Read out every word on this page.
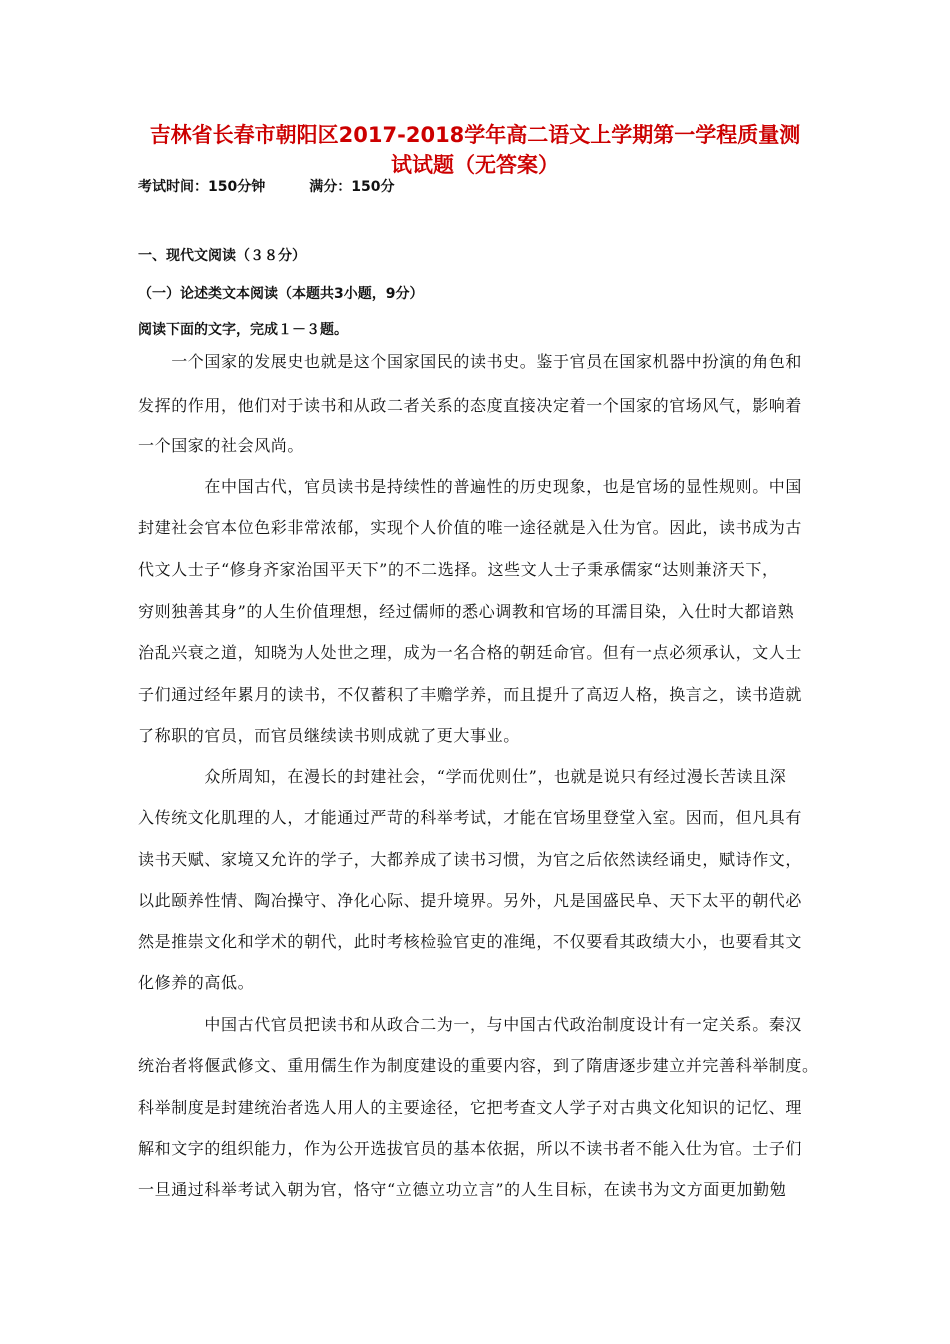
吉林省长春市朝阳区2017-2018学年高二语文上学期第一学程质量测
试试题（无答案）
考试时间：150分钟	满分：150分
一、现代文阅读（３８分）
（一）论述类文本阅读（本题共3小题，9分）
阅读下面的文字，完成１－３题。
　　一个国家的发展史也就是这个国家国民的读书史。鉴于官员在国家机器中扮演的角色和
发挥的作用，他们对于读书和从政二者关系的态度直接决定着一个国家的官场风气，影响着
一个国家的社会风尚。
　　　　在中国古代，官员读书是持续性的普遍性的历史现象，也是官场的显性规则。中国
封建社会官本位色彩非常浓郁，实现个人价值的唯一途径就是入仕为官。因此，读书成为古
代文人士子“修身齐家治国平天下”的不二选择。这些文人士子秉承儒家“达则兼济天下，
穷则独善其身”的人生价值理想，经过儒师的悉心调教和官场的耳濡目染，入仕时大都谙熟
治乱兴衰之道，知晓为人处世之理，成为一名合格的朝廷命官。但有一点必须承认，文人士
子们通过经年累月的读书，不仅蓄积了丰赡学养，而且提升了高迈人格，换言之，读书造就
了称职的官员，而官员继续读书则成就了更大事业。
　　　　众所周知，在漫长的封建社会，“学而优则仕”，也就是说只有经过漫长苦读且深
入传统文化肌理的人，才能通过严苛的科举考试，才能在官场里登堂入室。因而，但凡具有
读书天赋、家境又允许的学子，大都养成了读书习惯，为官之后依然读经诵史，赋诗作文，
以此颐养性情、陶冶操守、净化心际、提升境界。另外，凡是国盛民阜、天下太平的朝代必
然是推崇文化和学术的朝代，此时考核检验官吏的准绳，不仅要看其政绩大小，也要看其文
化修养的高低。
　　　　中国古代官员把读书和从政合二为一，与中国古代政治制度设计有一定关系。秦汉
统治者将偃武修文、重用儒生作为制度建设的重要内容，到了隋唐逐步建立并完善科举制度。
科举制度是封建统治者选人用人的主要途径，它把考查文人学子对古典文化知识的记忆、理
解和文字的组织能力，作为公开选拔官员的基本依据，所以不读书者不能入仕为官。士子们
一旦通过科举考试入朝为官，恪守“立德立功立言”的人生目标，在读书为文方面更加勤勉
